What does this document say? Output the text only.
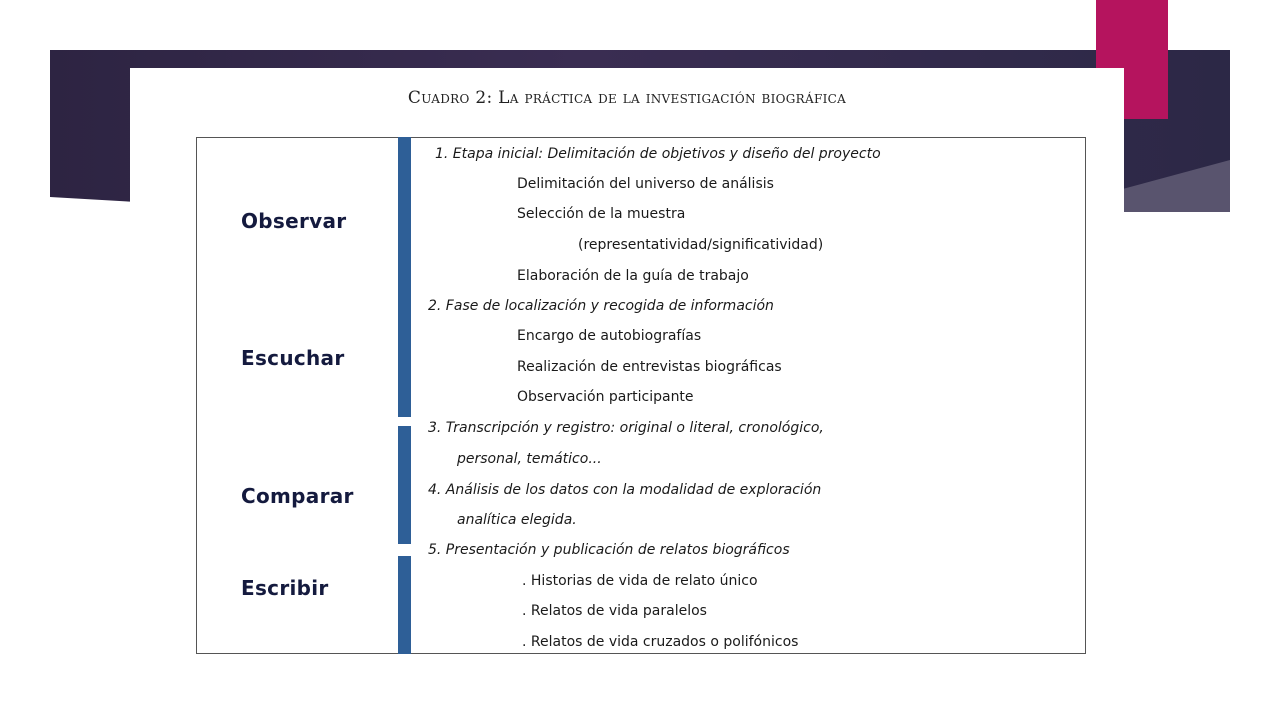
Cuadro 2: La práctica de la investigación biográfica
Observar
Escuchar
Comparar
Escribir
1. Etapa inicial: Delimitación de objetivos y diseño del proyecto
Delimitación del universo de análisis
Selección de la muestra
(representatividad/significatividad)
Elaboración de la guía de trabajo
2. Fase de localización y recogida de información
Encargo de autobiografías
Realización de entrevistas biográficas
Observación participante
3. Transcripción y registro: original o literal, cronológico,
personal, temático...
4. Análisis de los datos con la modalidad de exploración
analítica elegida.
5. Presentación y publicación de relatos biográficos
. Historias de vida de relato único
. Relatos de vida paralelos
. Relatos de vida cruzados o polifónicos
